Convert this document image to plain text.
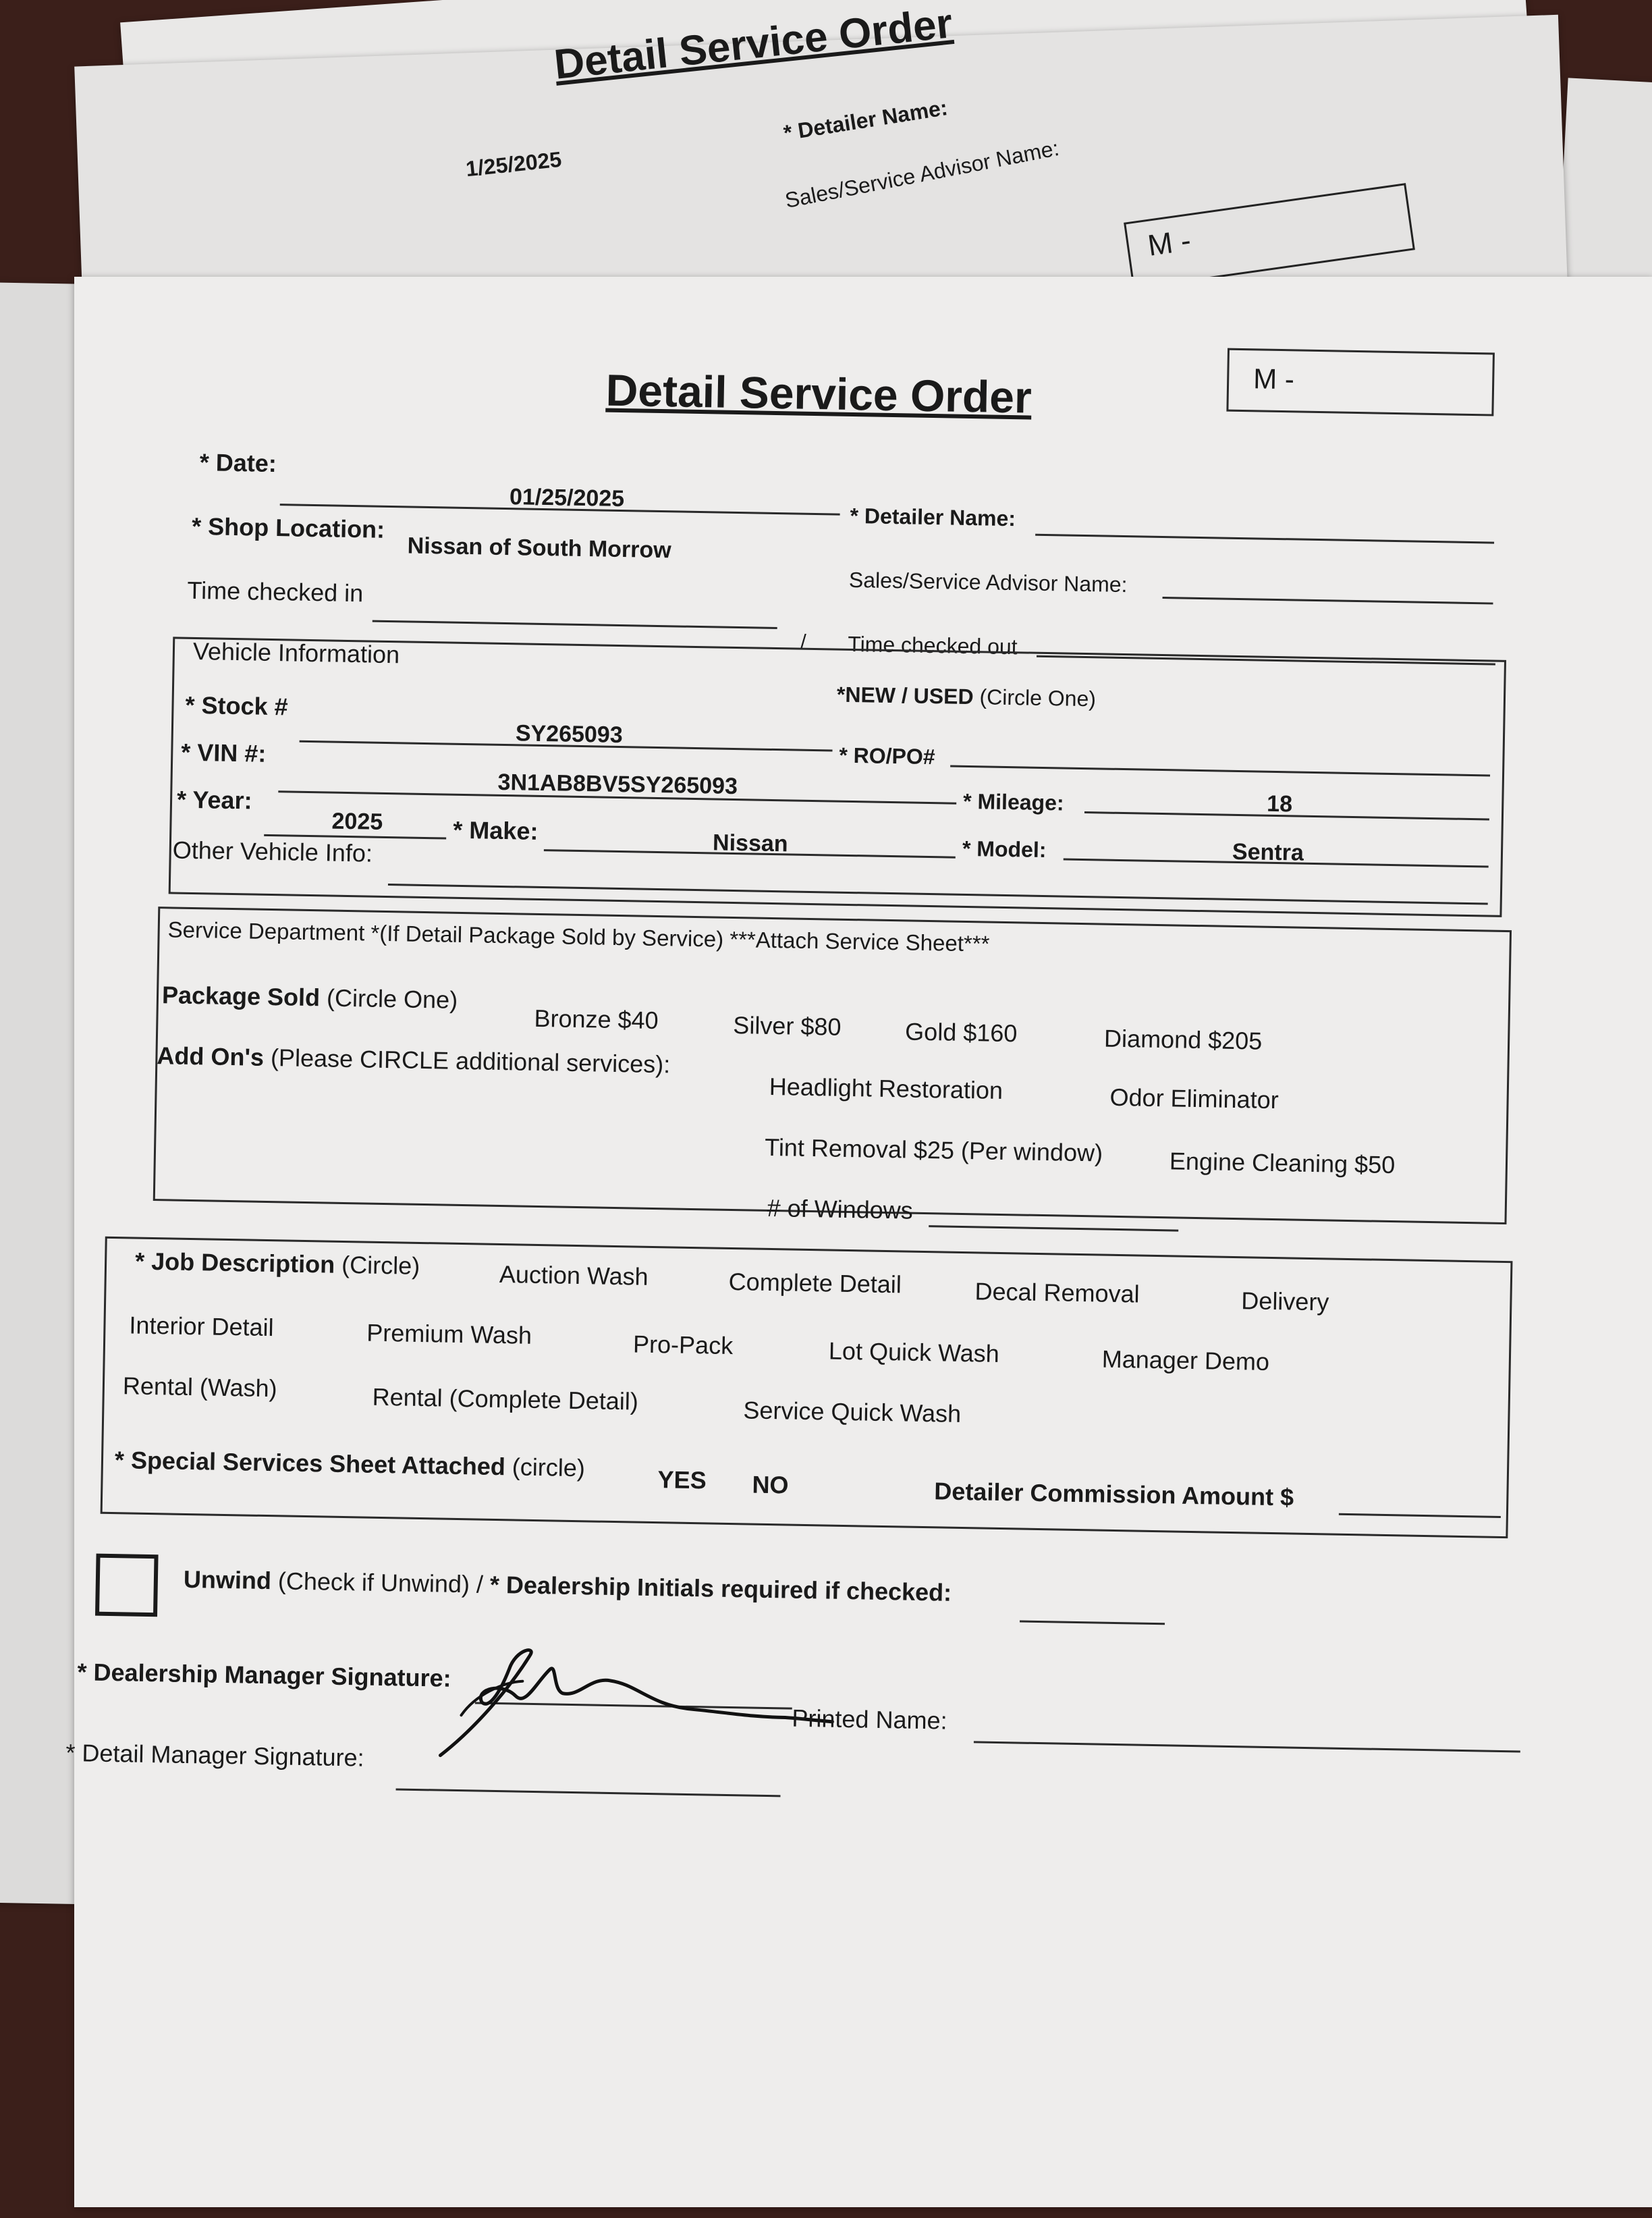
Detail Service Order
1/25/2025
* Detailer Name:
Sales/Service Advisor Name:
M -
Detail Service Order	M -
* Date:
01/25/2025
* Detailer Name:
* Shop Location:
Nissan of South Morrow
Sales/Service Advisor Name:
Time checked in
/ Time checked out
Vehicle Information
*NEW / USED (Circle One)
* Stock #
SY265093
* RO/PO#
* VIN #:
3N1AB8BV5SY265093
* Mileage:	18
* Year:
2025	* Make:	Nissan	* Model:	Sentra
Other Vehicle Info:
Service Department *(If Detail Package Sold by Service) ***Attach Service Sheet***
Package Sold (Circle One)
Bronze $40	Silver $80	Gold $160	Diamond $205
Add On's (Please CIRCLE additional services):
Headlight Restoration	Odor Eliminator
Tint Removal $25 (Per window)	Engine Cleaning $50
# of Windows
* Job Description (Circle)	Auction Wash	Complete Detail	Decal Removal	Delivery
Interior Detail	Premium Wash	Pro-Pack	Lot Quick Wash	Manager Demo
Rental (Wash)	Rental (Complete Detail)	Service Quick Wash
* Special Services Sheet Attached (circle)	YES NO	Detailer Commission Amount $
Unwind (Check if Unwind) / * Dealership Initials required if checked:
* Dealership Manager Signature:
Printed Name:
* Detail Manager Signature:
